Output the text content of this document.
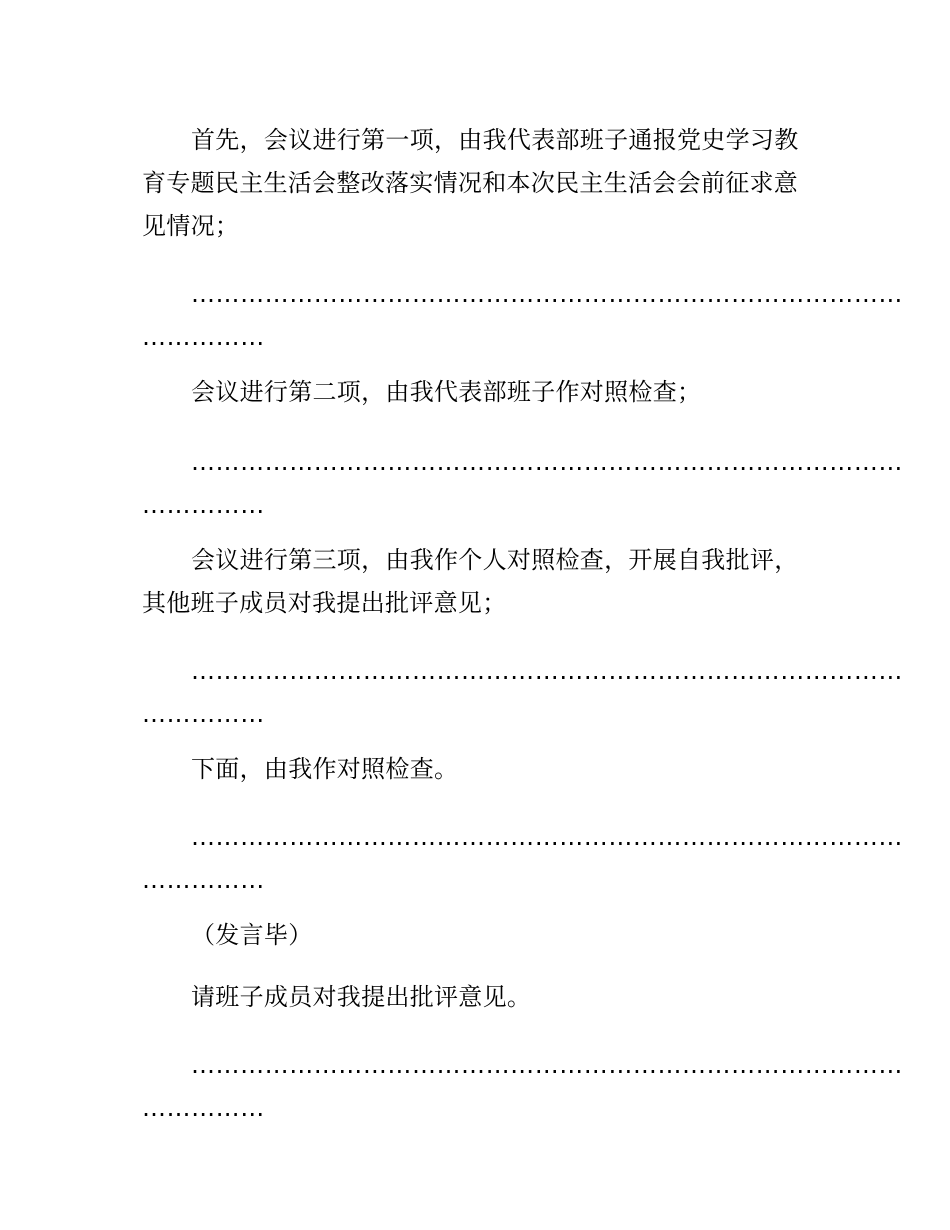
首先，会议进行第一项，由我代表部班子通报党史学习教育专题民主生活会整改落实情况和本次民主生活会会前征求意见情况；

……………………………………………………………………………
……………

会议进行第二项，由我代表部班子作对照检查；

……………………………………………………………………………
……………

会议进行第三项，由我作个人对照检查，开展自我批评，其他班子成员对我提出批评意见；

……………………………………………………………………………
……………

下面，由我作对照检查。

……………………………………………………………………………
……………

（发言毕）

请班子成员对我提出批评意见。

……………………………………………………………………………
……………
